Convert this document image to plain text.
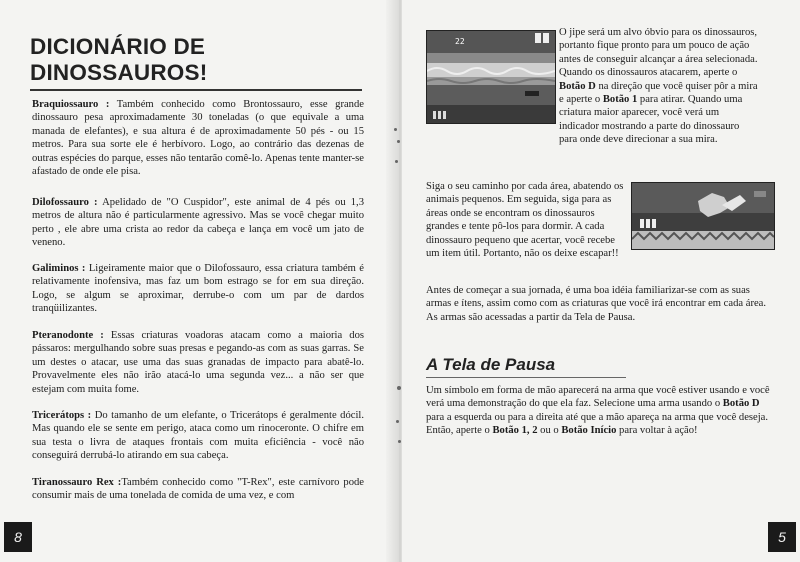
DICIONÁRIO DE
DINOSSAUROS!

Braquiossauro : Também conhecido como Brontossauro, esse grande dinossauro pesa aproximadamente 30 toneladas (o que equivale a uma manada de elefantes), e sua altura é de aproximadamente 50 pés - ou 15 metros. Para sua sorte ele é herbívoro. Logo, ao contrário das dezenas de outras espécies do parque, esses não tentarão comê-lo. Apenas tente manter-se afastado de onde ele pisa.

Dilofossauro : Apelidado de "O Cuspidor", este animal de 4 pés ou 1,3 metros de altura não é particularmente agressivo. Mas se você chegar muito perto , ele abre uma crista ao redor da cabeça e lança em você um jato de veneno.

Galiminos : Ligeiramente maior que o Dilofossauro, essa criatura também é relativamente inofensiva, mas faz um bom estrago se for em sua direção. Logo, se algum se aproximar, derrube-o com um par de dardos tranqüilizantes.

Pteranodonte : Essas criaturas voadoras atacam como a maioria dos pássaros: mergulhando sobre suas presas e pegando-as com as suas garras. Se um destes o atacar, use uma das suas granadas de impacto para abatê-lo. Provavelmente eles não irão atacá-lo uma segunda vez... a não ser que estejam com muita fome.

Tricerátops : Do tamanho de um elefante, o Tricerátops é geralmente dócil. Mas quando ele se sente em perigo, ataca como um rinoceronte. O chifre em sua testa o livra de ataques frontais com muita eficiência - você não conseguirá derrubá-lo atirando em sua cabeça.

Tiranossauro Rex :Também conhecido como "T-Rex", este carnívoro pode consumir mais de uma tonelada de comida de uma vez, e com

8
22

O jipe será um alvo óbvio para os dinossauros, portanto fique pronto para um pouco de ação antes de conseguir alcançar a área selecionada. Quando os dinossauros atacarem, aperte o Botão D na direção que você quiser pôr a mira e aperte o Botão 1 para atirar. Quando uma criatura maior aparecer, você verá um indicador mostrando a parte do dinossauro para onde deve direcionar a sua mira.

Siga o seu caminho por cada área, abatendo os animais pequenos. Em seguida, siga para as áreas onde se encontram os dinossauros grandes e tente pô-los para dormir. A cada dinossauro pequeno que acertar, você recebe um item útil. Portanto, não os deixe escapar!!

Antes de começar a sua jornada, é uma boa idéia familiarizar-se com as suas armas e ítens, assim como com as criaturas que você irá encontrar em cada área. As armas são acessadas a partir da Tela de Pausa.

A Tela de Pausa

Um símbolo em forma de mão aparecerá na arma que você estiver usando e você verá uma demonstração do que ela faz. Selecione uma arma usando o Botão D para a esquerda ou para a direita até que a mão apareça na arma que você deseja. Então, aperte o Botão 1, 2 ou o Botão Início para voltar à ação!

5
